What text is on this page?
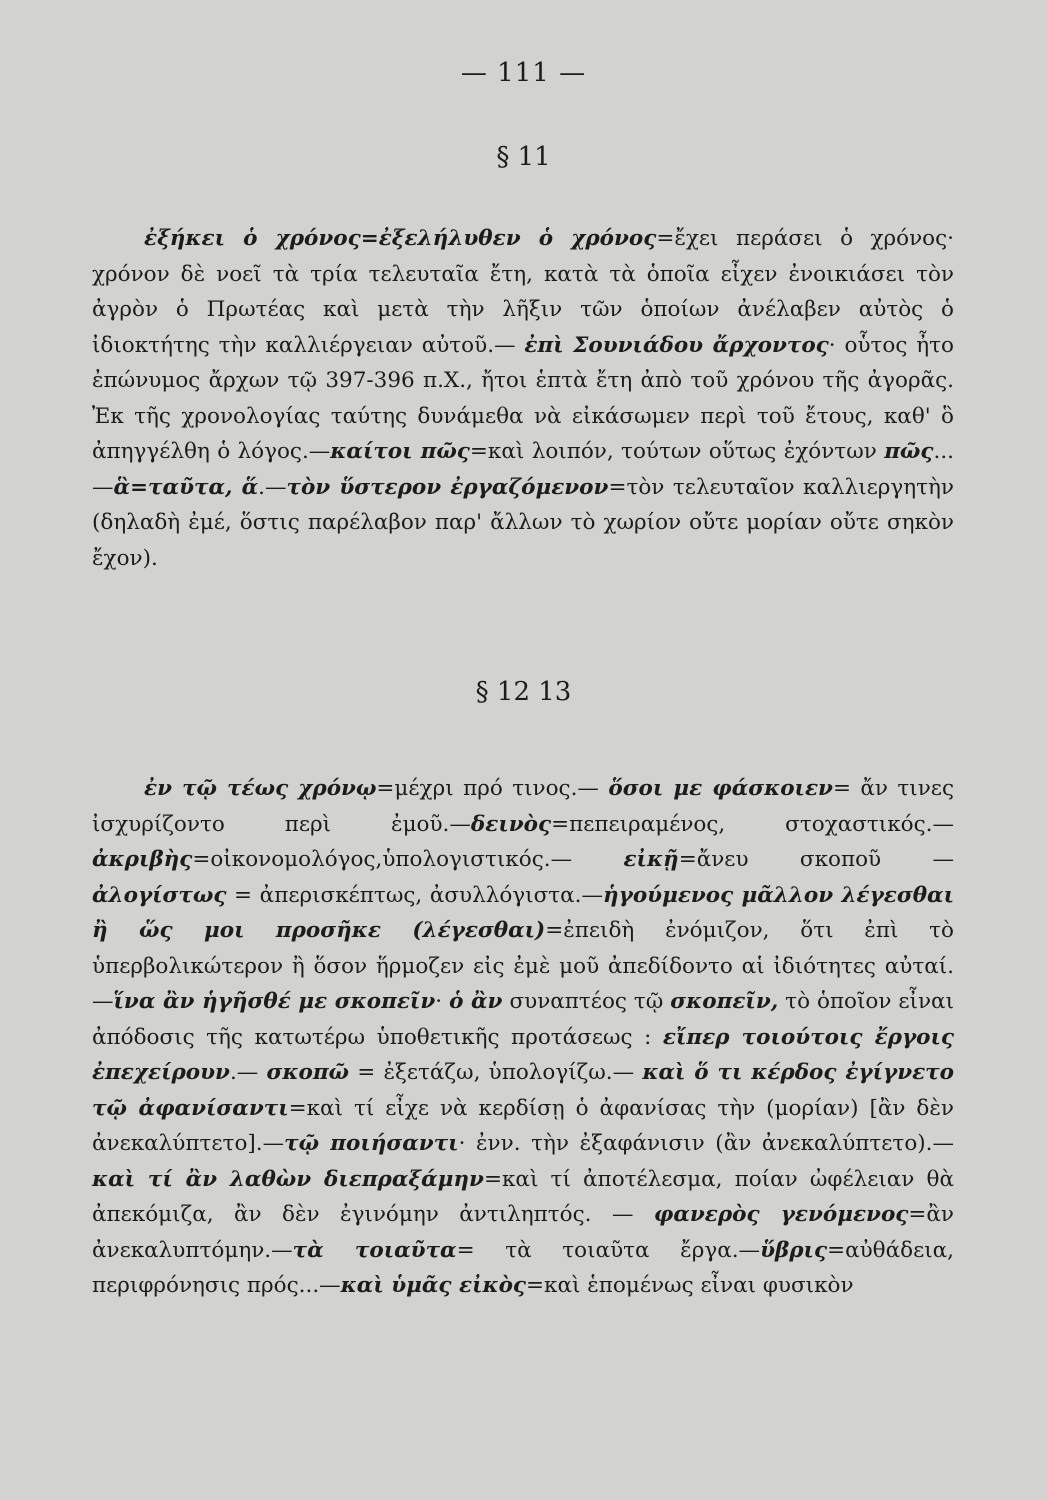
— 111 —
§ 11

ἐξήκει ὁ χρόνος=ἐξελήλυθεν ὁ χρόνος=ἔχει περάσει ὁ χρόνος· χρόνον δὲ νοεῖ τὰ τρία τελευταῖα ἔτη, κατὰ τὰ ὁποῖα εἶχεν ἐνοικιάσει τὸν ἀγρὸν ὁ Πρωτέας καὶ μετὰ τὴν λῆξιν τῶν ὁποίων ἀνέλαβεν αὐτὸς ὁ ἰδιοκτήτης τὴν καλλιέργειαν αὐτοῦ.— ἐπὶ Σουνιάδου ἄρχοντος· οὗτος ἦτο ἐπώνυμος ἄρχων τῷ 397-396 π.Χ., ἤτοι ἑπτὰ ἔτη ἀπὸ τοῦ χρόνου τῆς ἀγορᾶς. Ἐκ τῆς χρονολογίας ταύτης δυνάμεθα νὰ εἰκάσωμεν περὶ τοῦ ἔτους, καθ' ὃ ἀπηγγέλθη ὁ λόγος.—καίτοι πῶς=καὶ λοιπόν, τούτων οὕτως ἐχόντων πῶς...—ἃ=ταῦτα, ἅ.—τὸν ὕστερον ἐργαζόμενον=τὸν τελευταῖον καλλιεργητὴν (δηλαδὴ ἐμέ, ὅστις παρέλαβον παρ' ἄλλων τὸ χωρίον οὔτε μορίαν οὔτε σηκὸν ἔχον).

§ 12 13

ἐν τῷ τέως χρόνῳ=μέχρι πρό τινος.— ὅσοι με φάσκοιεν= ἄν τινες ἰσχυρίζοντο περὶ ἐμοῦ.—δεινὸς=πεπειραμένος, στοχαστικός.—ἀκριβὴς=οἰκονομολόγος,ὑπολογιστικός.— εἰκῇ=ἄνευ σκοποῦ —ἀλογίστως = ἀπερισκέπτως, ἀσυλλόγιστα.—ἡγούμενος μᾶλλον λέγεσθαι ἢ ὥς μοι προσῆκε (λέγεσθαι)=ἐπειδὴ ἐνόμιζον, ὅτι ἐπὶ τὸ ὑπερβολικώτερον ἢ ὅσον ἥρμοζεν εἰς ἐμὲ μοῦ ἀπεδίδοντο αἱ ἰδιότητες αὐταί.—ἵνα ἂν ἡγῆσθέ με σκοπεῖν· ὁ ἂν συναπτέος τῷ σκοπεῖν, τὸ ὁποῖον εἶναι ἀπόδοσις τῆς κατωτέρω ὑποθετικῆς προτάσεως : εἴπερ τοιούτοις ἔργοις ἐπεχείρουν.— σκοπῶ = ἐξετάζω, ὑπολογίζω.— καὶ ὅ τι κέρδος ἐγίγνετο τῷ ἀφανίσαντι=καὶ τί εἶχε νὰ κερδίσῃ ὁ ἀφανίσας τὴν (μορίαν) [ἂν δὲν ἀνεκαλύπτετο].—τῷ ποιήσαντι· ἐνν. τὴν ἐξαφάνισιν (ἂν ἀνεκαλύπτετο).—καὶ τί ἂν λαθὼν διεπραξάμην=καὶ τί ἀποτέλεσμα, ποίαν ὠφέλειαν θὰ ἀπεκόμιζα, ἂν δὲν ἐγινόμην ἀντιληπτός. — φανερὸς γενόμενος=ἂν ἀνεκαλυπτόμην.—τὰ τοιαῦτα= τὰ τοιαῦτα ἔργα.—ὕβρις=αὐθάδεια, περιφρόνησις πρός...—καὶ ὑμᾶς εἰκὸς=καὶ ἑπομένως εἶναι φυσικὸν
